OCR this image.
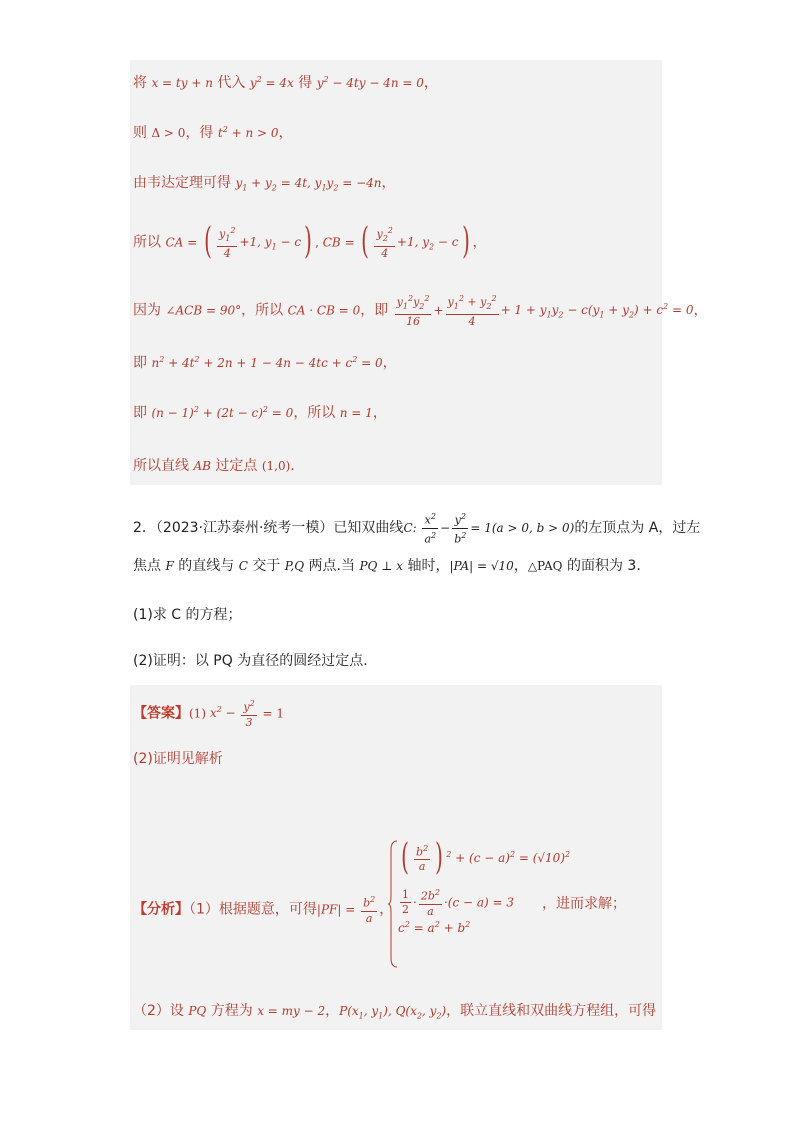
将 x = ty + n 代入 $y^2 = 4x$ 得 $y^2 - 4ty - 4n = 0$，
则 Δ > 0，得 $t^2 + n > 0$，
由韦达定理可得 $y_1 + y_2 = 4t$, $y_1y_2 = -4n$，
所以 CA = ( $\frac{y_1^2}{4} +1$, $y_1 - c$) , CB = ( $\frac{y_2^2}{4} +1$, $y_2 - c$) ，
因为 ∠ACB = 90°，所以 CA · CB = 0，即 $\frac{y_1^2y_2^2}{16} + \frac{y_1^2 + y_2^2}{4} + 1 + y_1y_2 - c(y_1 + y_2) + c^2 = 0$，
即 $n^2 + 4t^2 + 2n + 1 - 4n - 4tc + c^2 = 0$，
即 $(n - 1)^2 + (2t - c)^2 = 0$，所以 n = 1，
所以直线 AB 过定点 (1,0).
2．（2023·江苏泰州·统考一模）已知双曲线C: $\frac{x^2}{a^2} - \frac{y^2}{b^2} = 1(a > 0$, b > 0)的左顶点为 A，过左
焦点 F 的直线与 C 交于 P,Q 两点.当 PQ ⊥ x 轴时，|PA| = √10，△PAQ 的面积为 3.
(1)求 C 的方程；
(2)证明：以 PQ 为直径的圆经过定点.
【答案】(1) $x^2 - \frac{y^2}{3} = 1$
(2)证明见解析
【分析】（1）根据题意，可得$|PF| = \frac{b^2}{a}$ ，
( $\frac{b^2}{a}$ ) $^2 + (c - a)^2 = (√10)^2$
$\frac{1}{2} \cdot \frac{2b^2}{a} \cdot(c - a) = 3$
$c^2 = a^2 + b^2$
，进而求解；
（2）设 PQ 方程为 x = my − 2，$P(x_1$, $y_1$), $Q(x_2$, $y_2$)，联立直线和双曲线方程组，可得
